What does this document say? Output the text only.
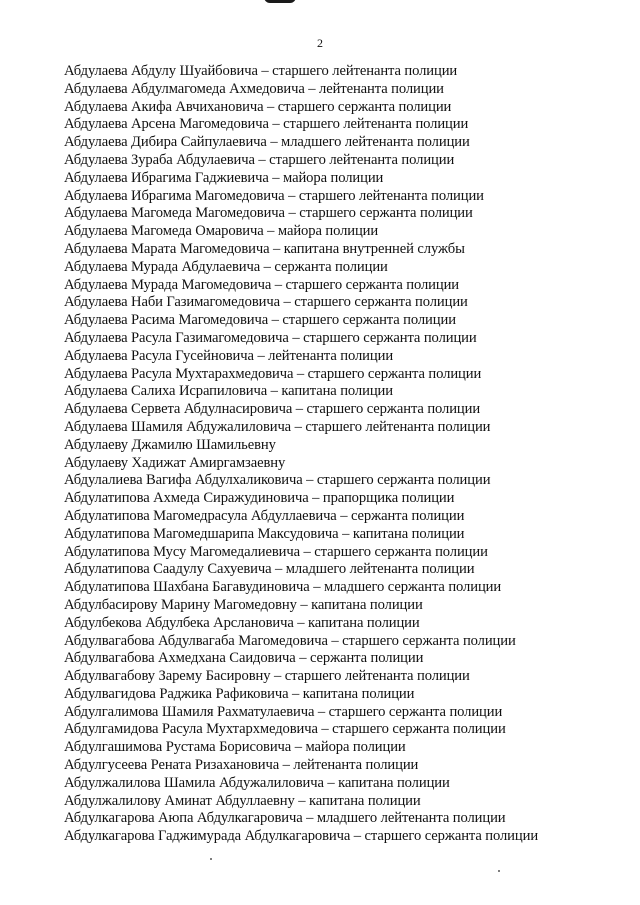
2
Абдулаева Абдулу Шуайбовича – старшего лейтенанта полиции
Абдулаева Абдулмагомеда Ахмедовича – лейтенанта полиции
Абдулаева Акифа Авчихановича – старшего сержанта полиции
Абдулаева Арсена Магомедовича – старшего лейтенанта полиции
Абдулаева Дибира Сайпулаевича – младшего лейтенанта полиции
Абдулаева Зураба Абдулаевича – старшего лейтенанта полиции
Абдулаева Ибрагима Гаджиевича – майора полиции
Абдулаева Ибрагима Магомедовича – старшего лейтенанта полиции
Абдулаева Магомеда Магомедовича – старшего сержанта полиции
Абдулаева Магомеда Омаровича – майора полиции
Абдулаева Марата Магомедовича – капитана внутренней службы
Абдулаева Мурада Абдулаевича – сержанта полиции
Абдулаева Мурада Магомедовича – старшего сержанта полиции
Абдулаева Наби Газимагомедовича – старшего сержанта полиции
Абдулаева Расима Магомедовича – старшего сержанта полиции
Абдулаева Расула Газимагомедовича – старшего сержанта полиции
Абдулаева Расула Гусейновича – лейтенанта полиции
Абдулаева Расула Мухтарахмедовича – старшего сержанта полиции
Абдулаева Салиха Исрапиловича – капитана полиции
Абдулаева Сервета Абдулнасировича – старшего сержанта полиции
Абдулаева Шамиля Абдужалиловича – старшего лейтенанта полиции
Абдулаеву Джамилю Шамильевну
Абдулаеву Хадижат Амиргамзаевну
Абдулалиева Вагифа Абдулхаликовича – старшего сержанта полиции
Абдулатипова Ахмеда Сиражудиновича – прапорщика полиции
Абдулатипова Магомедрасула Абдуллаевича – сержанта полиции
Абдулатипова Магомедшарипа Максудовича – капитана полиции
Абдулатипова Мусу Магомедалиевича – старшего сержанта полиции
Абдулатипова Саадулу Сахуевича – младшего лейтенанта полиции
Абдулатипова Шахбана Багавудиновича – младшего сержанта полиции
Абдулбасирову Марину Магомедовну – капитана полиции
Абдулбекова Абдулбека Арслановича – капитана полиции
Абдулвагабова Абдулвагаба Магомедовича – старшего сержанта полиции
Абдулвагабова Ахмедхана Саидовича – сержанта полиции
Абдулвагабову Зарему Басировну – старшего лейтенанта полиции
Абдулвагидова Раджика Рафиковича – капитана полиции
Абдулгалимова Шамиля Рахматулаевича – старшего сержанта полиции
Абдулгамидова Расула Мухтархмедовича – старшего сержанта полиции
Абдулгашимова Рустама Борисовича – майора полиции
Абдулгусеева Рената Ризахановича – лейтенанта полиции
Абдулжалилова Шамила Абдужалиловича – капитана полиции
Абдулжалилову Аминат Абдуллаевну – капитана полиции
Абдулкагарова Аюпа Абдулкагаровича – младшего лейтенанта полиции
Абдулкагарова Гаджимурада Абдулкагаровича – старшего сержанта полиции
